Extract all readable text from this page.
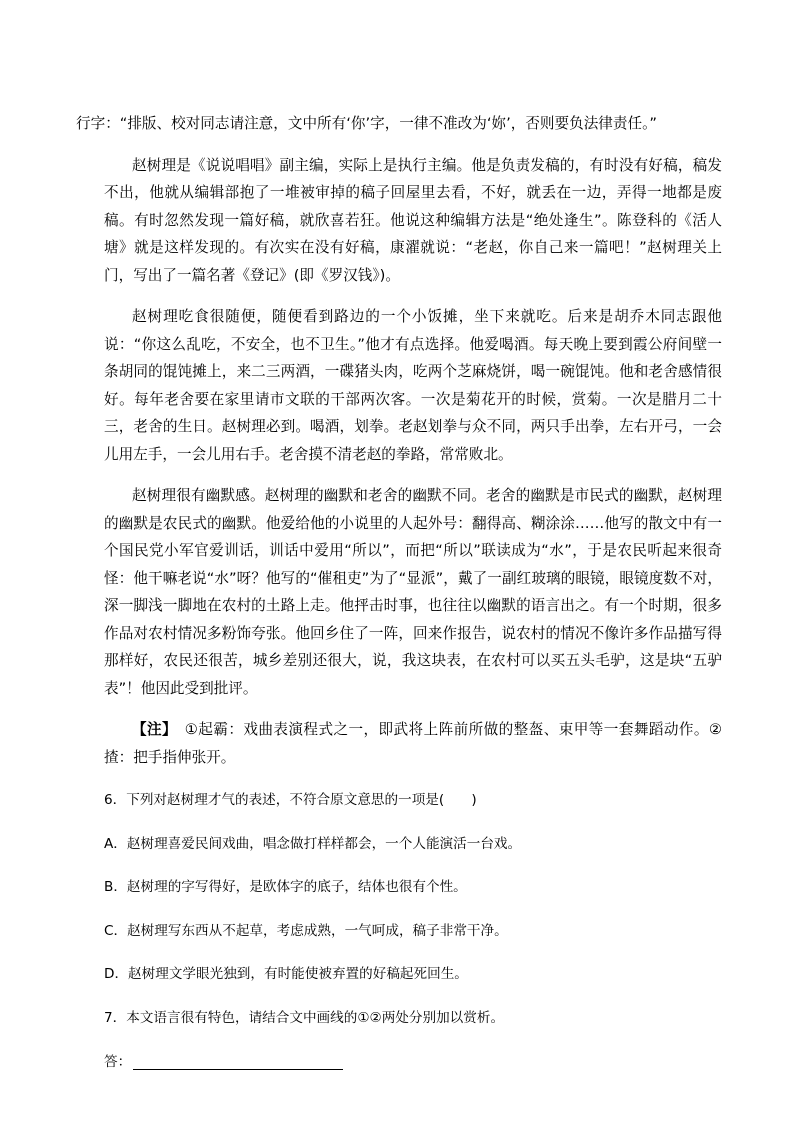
行字：“排版、校对同志请注意，文中所有‘你’字，一律不准改为‘妳’，否则要负法律责任。”

赵树理是《说说唱唱》副主编，实际上是执行主编。他是负责发稿的，有时没有好稿，稿发不出，他就从编辑部抱了一堆被审掉的稿子回屋里去看，不好，就丢在一边，弄得一地都是废稿。有时忽然发现一篇好稿，就欣喜若狂。他说这种编辑方法是“绝处逢生”。陈登科的《活人塘》就是这样发现的。有次实在没有好稿，康濯就说：“老赵，你自己来一篇吧！”赵树理关上门，写出了一篇名著《登记》(即《罗汉钱》)。

赵树理吃食很随便，随便看到路边的一个小饭摊，坐下来就吃。后来是胡乔木同志跟他说：“你这么乱吃，不安全，也不卫生。”他才有点选择。他爱喝酒。每天晚上要到霞公府间壁一条胡同的馄饨摊上，来二三两酒，一碟猪头肉，吃两个芝麻烧饼，喝一碗馄饨。他和老舍感情很好。每年老舍要在家里请市文联的干部两次客。一次是菊花开的时候，赏菊。一次是腊月二十三，老舍的生日。赵树理必到。喝酒，划拳。老赵划拳与众不同，两只手出拳，左右开弓，一会儿用左手，一会儿用右手。老舍摸不清老赵的拳路，常常败北。

赵树理很有幽默感。赵树理的幽默和老舍的幽默不同。老舍的幽默是市民式的幽默，赵树理的幽默是农民式的幽默。他爱给他的小说里的人起外号：翻得高、糊涂涂……他写的散文中有一个国民党小军官爱训话，训话中爱用“所以”，而把“所以”联读成为“水”，于是农民听起来很奇怪：他干嘛老说“水”呀？他写的“催租吏”为了“显派”，戴了一副红玻璃的眼镜，眼镜度数不对，深一脚浅一脚地在农村的土路上走。他抨击时事，也往往以幽默的语言出之。有一个时期，很多作品对农村情况多粉饰夸张。他回乡住了一阵，回来作报告，说农村的情况不像许多作品描写得那样好，农民还很苦，城乡差别还很大，说，我这块表，在农村可以买五头毛驴，这是块“五驴表”！他因此受到批评。

【注】　 ①起霸：戏曲表演程式之一，即武将上阵前所做的整盔、束甲等一套舞蹈动作。②揸：把手指伸张开。

6．下列对赵树理才气的表述，不符合原文意思的一项是(　　)

A．赵树理喜爱民间戏曲，唱念做打样样都会，一个人能演活一台戏。

B．赵树理的字写得好，是欧体字的底子，结体也很有个性。

C．赵树理写东西从不起草，考虑成熟，一气呵成，稿子非常干净。

D．赵树理文学眼光独到，有时能使被弃置的好稿起死回生。

7．本文语言很有特色，请结合文中画线的①②两处分别加以赏析。

答：
